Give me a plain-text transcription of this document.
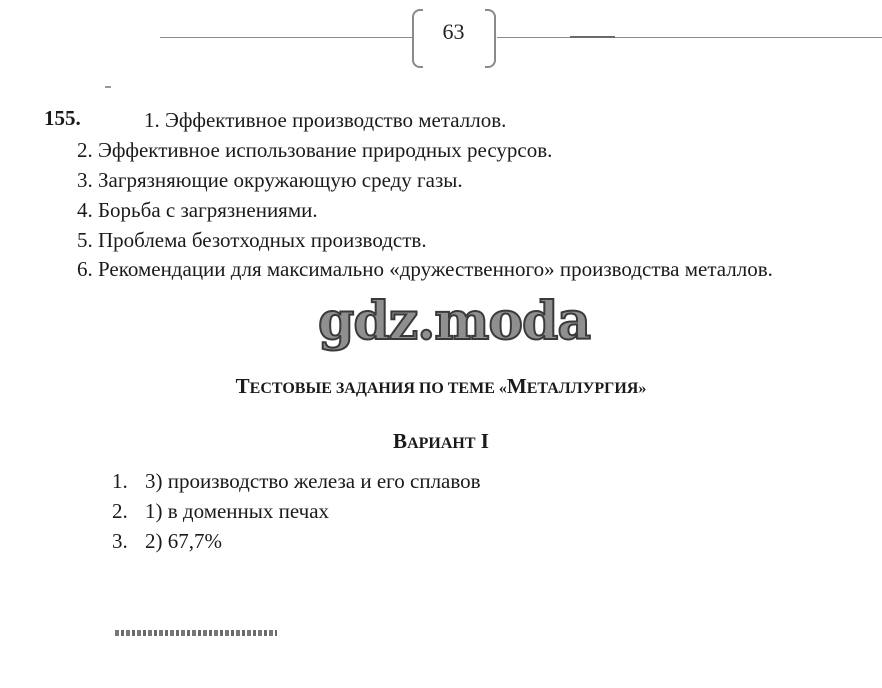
63
155.	1. Эффективное производство металлов.
2. Эффективное использование природных ресурсов.
3. Загрязняющие окружающую среду газы.
4. Борьба с загрязнениями.
5. Проблема безотходных производств.
6. Рекомендации для максимально «дружественного» производства металлов.
gdz.moda
ТЕСТОВЫЕ ЗАДАНИЯ ПО ТЕМЕ «МЕТАЛЛУРГИЯ»
ВАРИАНТ I
1. 3) производство железа и его сплавов
2. 1) в доменных печах
3. 2) 67,7%
